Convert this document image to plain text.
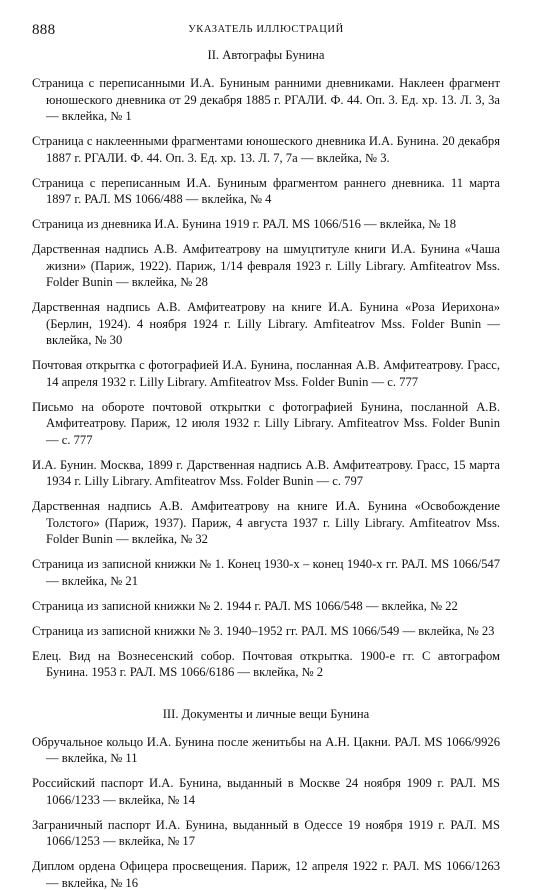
888	УКАЗАТЕЛЬ ИЛЛЮСТРАЦИЙ
II. Автографы Бунина

Страница с переписанными И.А. Буниным ранними дневниками. Наклеен фрагмент юношеского дневника от 29 декабря 1885 г. РГАЛИ. Ф. 44. Оп. 3. Ед. хр. 13. Л. 3, 3а — вклейка, № 1

Страница с наклеенными фрагментами юношеского дневника И.А. Бунина. 20 декабря 1887 г. РГАЛИ. Ф. 44. Оп. 3. Ед. хр. 13. Л. 7, 7а — вклейка, № 3.

Страница с переписанным И.А. Буниным фрагментом раннего дневника. 11 марта 1897 г. РАЛ. MS 1066/488 — вклейка, № 4

Страница из дневника И.А. Бунина 1919 г. РАЛ. MS 1066/516 — вклейка, № 18

Дарственная надпись А.В. Амфитеатрову на шмуцтитуле книги И.А. Бунина «Чаша жизни» (Париж, 1922). Париж, 1/14 февраля 1923 г. Lilly Library. Amfiteatrov Mss. Folder Bunin — вклейка, № 28

Дарственная надпись А.В. Амфитеатрову на книге И.А. Бунина «Роза Иерихона» (Берлин, 1924). 4 ноября 1924 г. Lilly Library. Amfiteatrov Mss. Folder Bunin — вклейка, № 30

Почтовая открытка с фотографией И.А. Бунина, посланная А.В. Амфитеатрову. Грасс, 14 апреля 1932 г. Lilly Library. Amfiteatrov Mss. Folder Bunin — с. 777

Письмо на обороте почтовой открытки с фотографией Бунина, посланной А.В. Амфитеатрову. Париж, 12 июля 1932 г. Lilly Library. Amfiteatrov Mss. Folder Bunin — с. 777

И.А. Бунин. Москва, 1899 г. Дарственная надпись А.В. Амфитеатрову. Грасс, 15 марта 1934 г. Lilly Library. Amfiteatrov Mss. Folder Bunin — с. 797

Дарственная надпись А.В. Амфитеатрову на книге И.А. Бунина «Освобождение Толстого» (Париж, 1937). Париж, 4 августа 1937 г. Lilly Library. Amfiteatrov Mss. Folder Bunin — вклейка, № 32

Страница из записной книжки № 1. Конец 1930-х – конец 1940-х гг. РАЛ. MS 1066/547 — вклейка, № 21

Страница из записной книжки № 2. 1944 г. РАЛ. MS 1066/548 — вклейка, № 22

Страница из записной книжки № 3. 1940–1952 гг. РАЛ. MS 1066/549 — вклейка, № 23

Елец. Вид на Вознесенский собор. Почтовая открытка. 1900-е гг. С автографом Бунина. 1953 г. РАЛ. MS 1066/6186 — вклейка, № 2

III. Документы и личные вещи Бунина

Обручальное кольцо И.А. Бунина после женитьбы на А.Н. Цакни. РАЛ. MS 1066/9926 — вклейка, № 11

Российский паспорт И.А. Бунина, выданный в Москве 24 ноября 1909 г. РАЛ. MS 1066/1233 — вклейка, № 14

Заграничный паспорт И.А. Бунина, выданный в Одессе 19 ноября 1919 г. РАЛ. MS 1066/1253 — вклейка, № 17

Диплом ордена Офицера просвещения. Париж, 12 апреля 1922 г. РАЛ. MS 1066/1263 — вклейка, № 16
